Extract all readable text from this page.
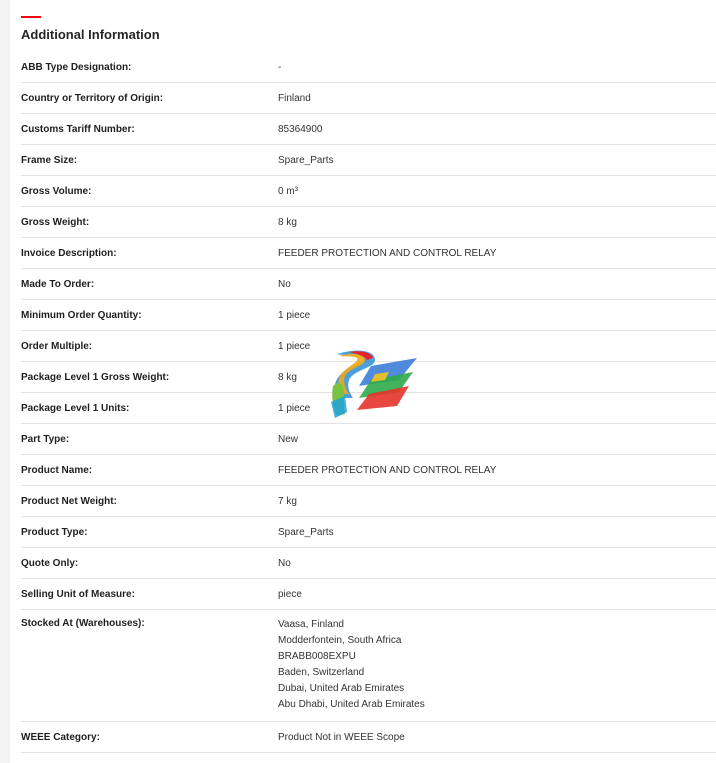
Additional Information
ABB Type Designation:	-
Country or Territory of Origin:	Finland
Customs Tariff Number:	85364900
Frame Size:	Spare_Parts
Gross Volume:	0 m³
Gross Weight:	8 kg
Invoice Description:	FEEDER PROTECTION AND CONTROL RELAY
Made To Order:	No
Minimum Order Quantity:	1 piece
Order Multiple:	1 piece
Package Level 1 Gross Weight:	8 kg
Package Level 1 Units:	1 piece
Part Type:	New
Product Name:	FEEDER PROTECTION AND CONTROL RELAY
Product Net Weight:	7 kg
Product Type:	Spare_Parts
Quote Only:	No
Selling Unit of Measure:	piece
Stocked At (Warehouses):	Vaasa, Finland
Modderfontein, South Africa
BRABB008EXPU
Baden, Switzerland
Dubai, United Arab Emirates
Abu Dhabi, United Arab Emirates
WEEE Category:	Product Not in WEEE Scope
